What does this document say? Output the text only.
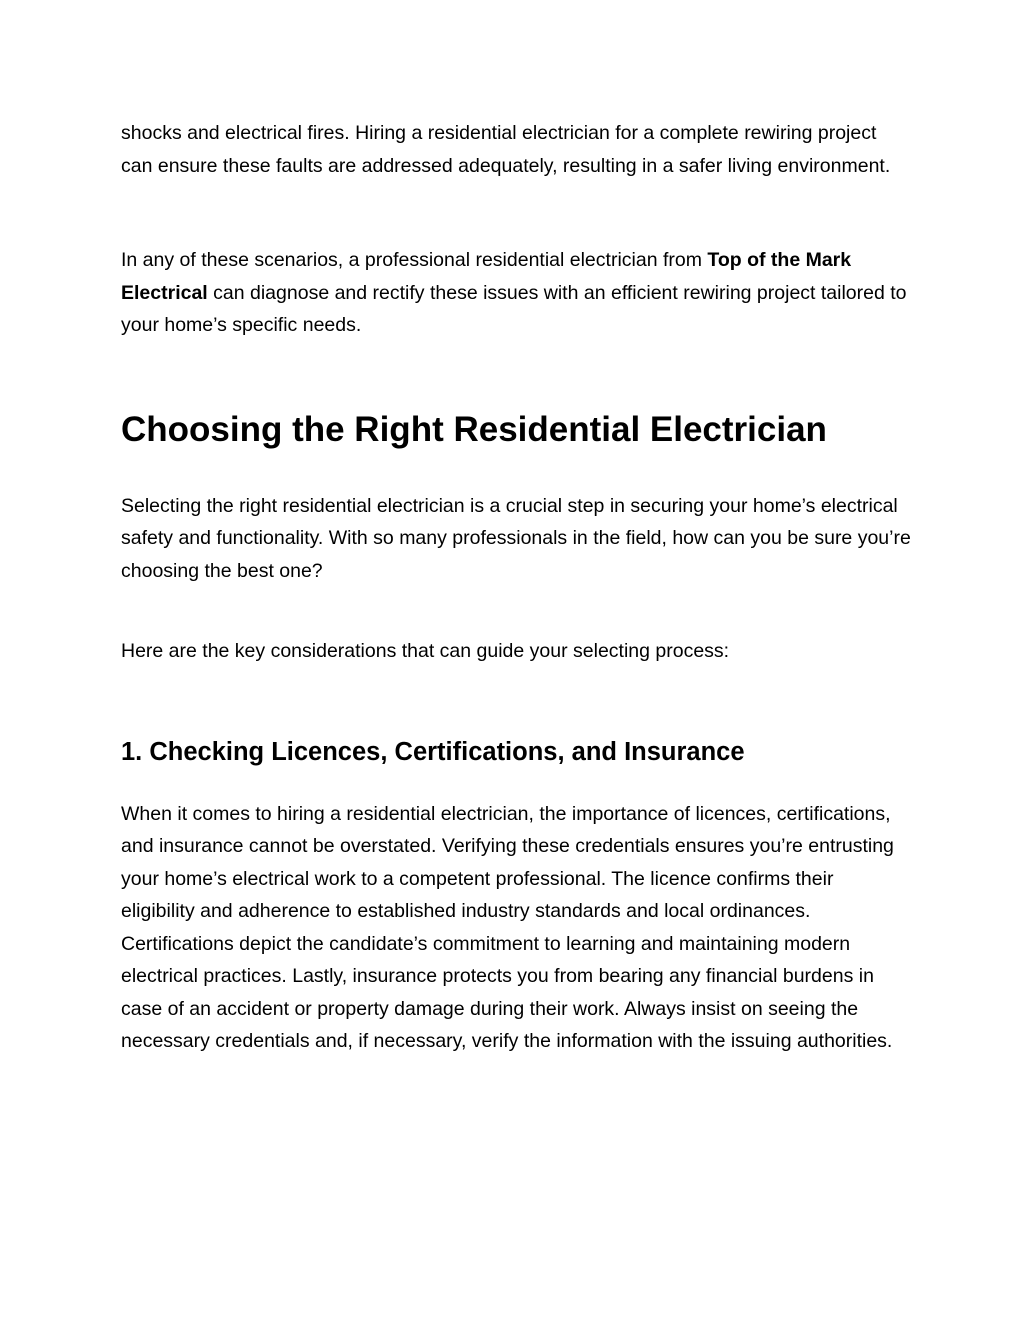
shocks and electrical fires. Hiring a residential electrician for a complete rewiring project can ensure these faults are addressed adequately, resulting in a safer living environment.

In any of these scenarios, a professional residential electrician from Top of the Mark Electrical can diagnose and rectify these issues with an efficient rewiring project tailored to your home’s specific needs.

Choosing the Right Residential Electrician

Selecting the right residential electrician is a crucial step in securing your home’s electrical safety and functionality. With so many professionals in the field, how can you be sure you’re choosing the best one?

Here are the key considerations that can guide your selecting process:

1. Checking Licences, Certifications, and Insurance

When it comes to hiring a residential electrician, the importance of licences, certifications, and insurance cannot be overstated. Verifying these credentials ensures you’re entrusting your home’s electrical work to a competent professional. The licence confirms their eligibility and adherence to established industry standards and local ordinances. Certifications depict the candidate’s commitment to learning and maintaining modern electrical practices. Lastly, insurance protects you from bearing any financial burdens in case of an accident or property damage during their work. Always insist on seeing the necessary credentials and, if necessary, verify the information with the issuing authorities.
